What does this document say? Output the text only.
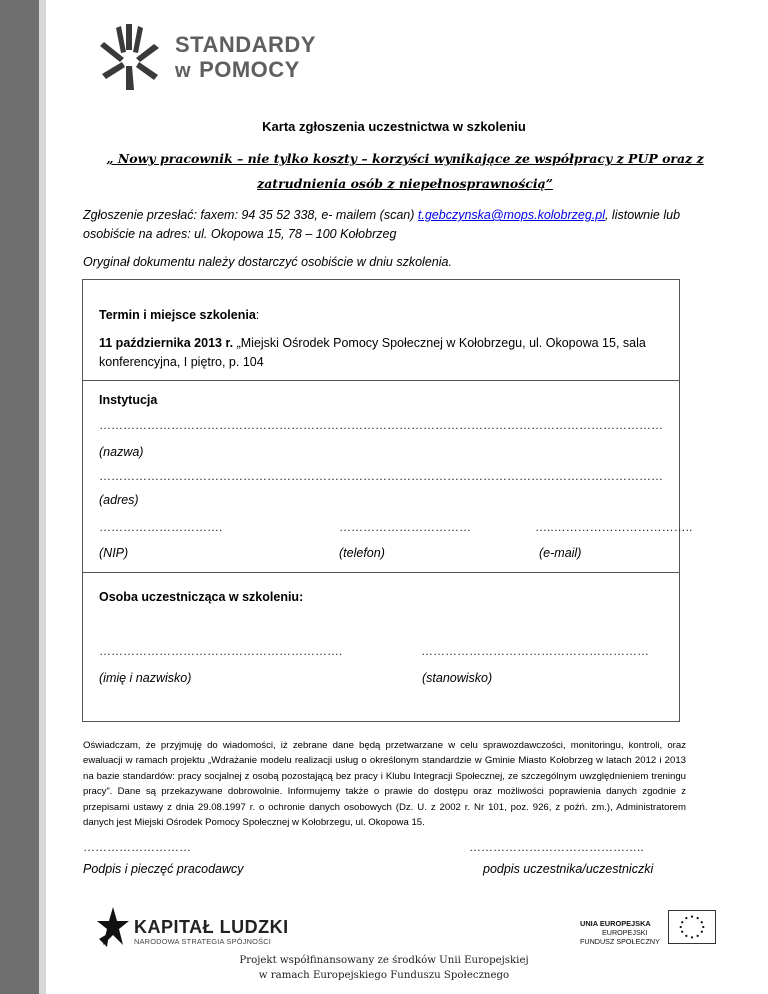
STANDARDY
w POMOCY
Karta zgłoszenia uczestnictwa w szkoleniu
„ Nowy pracownik – nie tylko koszty – korzyści wynikające ze współpracy z PUP oraz z zatrudnienia osób z niepełnosprawnością”
Zgłoszenie przesłać: faxem: 94 35 52 338, e- mailem (scan) t.gebczynska@mops.kolobrzeg.pl, listownie lub osobiście na adres: ul. Okopowa 15, 78 – 100 Kołobrzeg
Oryginał dokumentu należy dostarczyć osobiście w dniu szkolenia.
Termin i miejsce szkolenia:
11 października 2013 r. „Miejski Ośrodek Pomocy Społecznej w Kołobrzegu, ul. Okopowa 15, sala konferencyjna, I piętro, p. 104
Instytucja
……………………………………………………………………………………………………………………………
(nazwa)
……………………………………………………………………………………………………………………………
(adres)
………………………….	……………………………	…..……………………………..
(NIP)	(telefon)	(e-mail)
Osoba uczestnicząca w szkoleniu:
…………………………………………………….	…………………………………………………
(imię i nazwisko)	(stanowisko)
Oświadczam, że przyjmuję do wiadomości, iż zebrane dane będą przetwarzane w celu sprawozdawczości, monitoringu, kontroli, oraz ewaluacji w ramach projektu „Wdrażanie modelu realizacji usług o określonym standardzie w Gminie Miasto Kołobrzeg w latach 2012 i 2013 na bazie standardów: pracy socjalnej z osobą pozostającą bez pracy i Klubu Integracji Społecznej, ze szczególnym uwzględnieniem treningu pracy”. Dane są przekazywane dobrowolnie. Informujemy także o prawie do dostępu oraz możliwości poprawienia danych zgodnie z przepisami ustawy z dnia 29.08.1997 r. o ochronie danych osobowych (Dz. U. z 2002 r. Nr 101, poz. 926, z poźń. zm.), Administratorem danych jest Miejski Ośrodek Pomocy Społecznej w Kołobrzegu, ul. Okopowa 15.
………………………	……………………………………..
Podpis i pieczęć pracodawcy	podpis uczestnika/uczestniczki
KAPITAŁ LUDZKI
NARODOWA STRATEGIA SPÓJNOŚCI
UNIA EUROPEJSKA
EUROPEJSKI
FUNDUSZ SPOŁECZNY
Projekt współfinansowany ze środków Unii Europejskiej
w ramach Europejskiego Funduszu Społecznego
